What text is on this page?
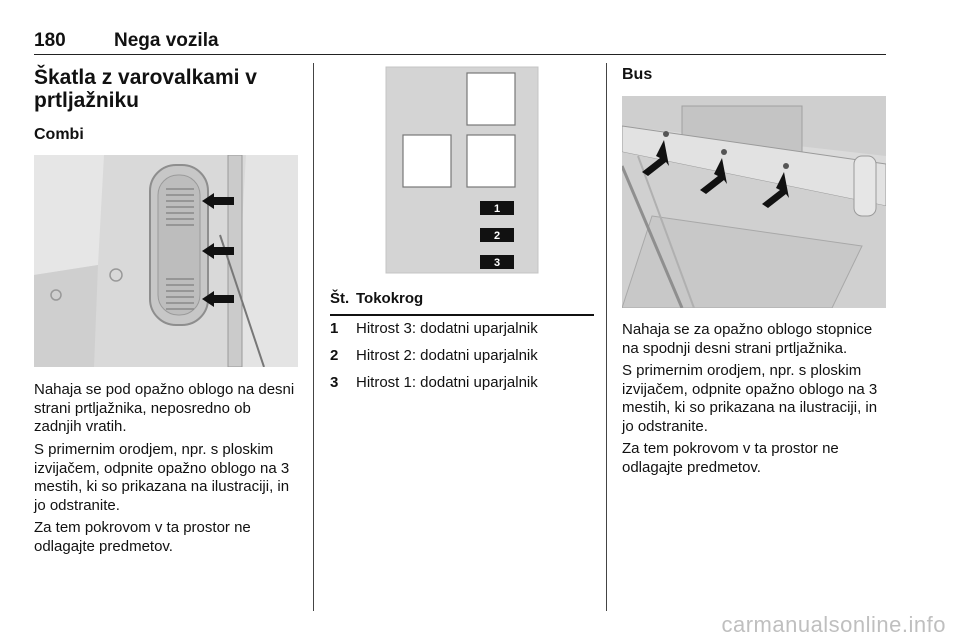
180	Nega vozila
Škatla z varovalkami v prtljažniku
Combi

Nahaja se pod opažno oblogo na desni strani prtljažnika, neposredno ob zadnjih vratih.

S primernim orodjem, npr. s ploskim izvijačem, odpnite opažno oblogo na 3 mestih, ki so prikazana na ilustraciji, in jo odstranite.

Za tem pokrovom v ta prostor ne odlagajte predmetov.

1
2
3
Št. Tokokrog
1 Hitrost 3: dodatni uparjalnik
2 Hitrost 2: dodatni uparjalnik
3 Hitrost 1: dodatni uparjalnik
Bus

Nahaja se za opažno oblogo stopnice na spodnji desni strani prtljažnika.

S primernim orodjem, npr. s ploskim izvijačem, odpnite opažno oblogo na 3 mestih, ki so prikazana na ilustraciji, in jo odstranite.

Za tem pokrovom v ta prostor ne odlagajte predmetov.

carmanualsonline.info
